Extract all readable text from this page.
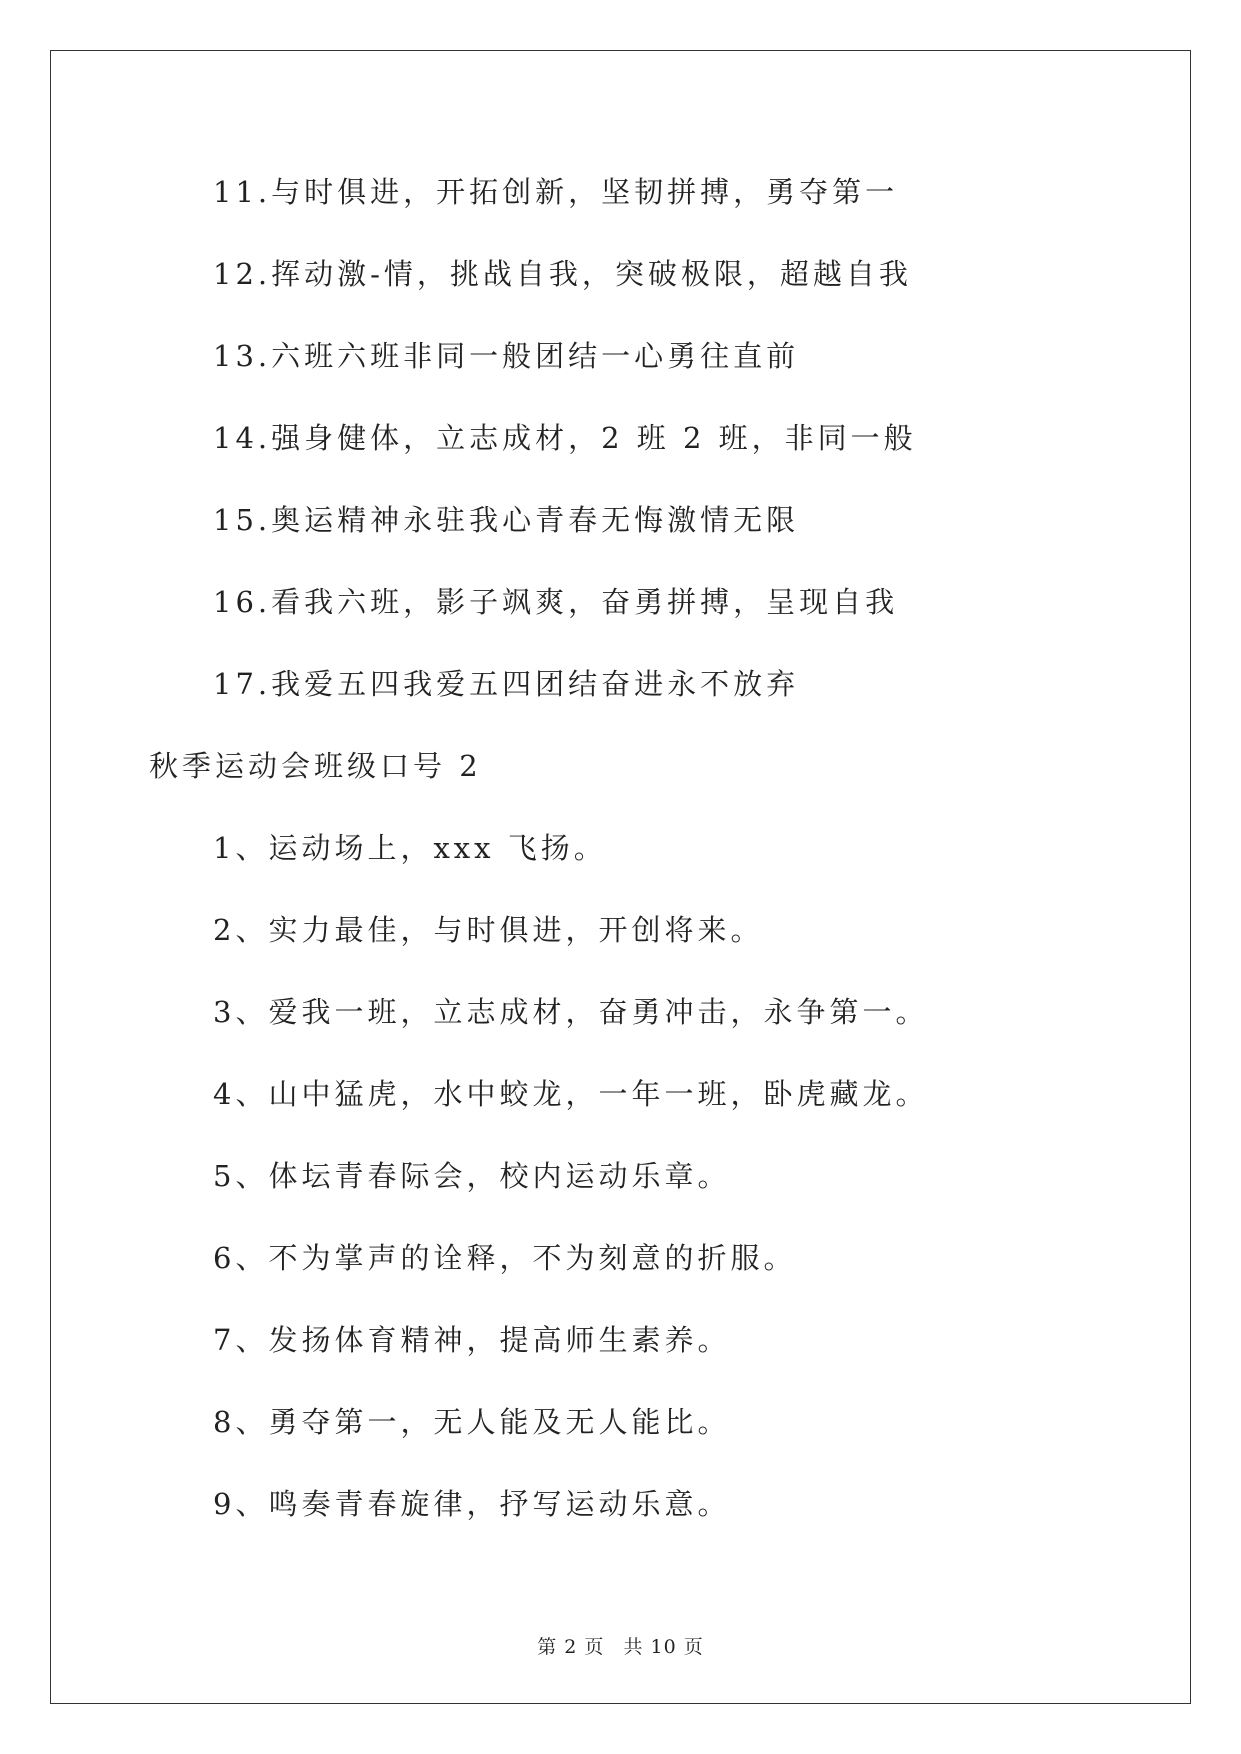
11.与时俱进，开拓创新，坚韧拼搏，勇夺第一
12.挥动激-情，挑战自我，突破极限，超越自我
13.六班六班非同一般团结一心勇往直前
14.强身健体，立志成材，2 班 2 班，非同一般
15.奥运精神永驻我心青春无悔激情无限
16.看我六班，影子飒爽，奋勇拼搏，呈现自我
17.我爱五四我爱五四团结奋进永不放弃
秋季运动会班级口号 2
1、运动场上，xxx 飞扬。
2、实力最佳，与时俱进，开创将来。
3、爱我一班，立志成材，奋勇冲击，永争第一。
4、山中猛虎，水中蛟龙，一年一班，卧虎藏龙。
5、体坛青春际会，校内运动乐章。
6、不为掌声的诠释，不为刻意的折服。
7、发扬体育精神，提高师生素养。
8、勇夺第一，无人能及无人能比。
9、鸣奏青春旋律，抒写运动乐意。
第 2 页 共 10 页
